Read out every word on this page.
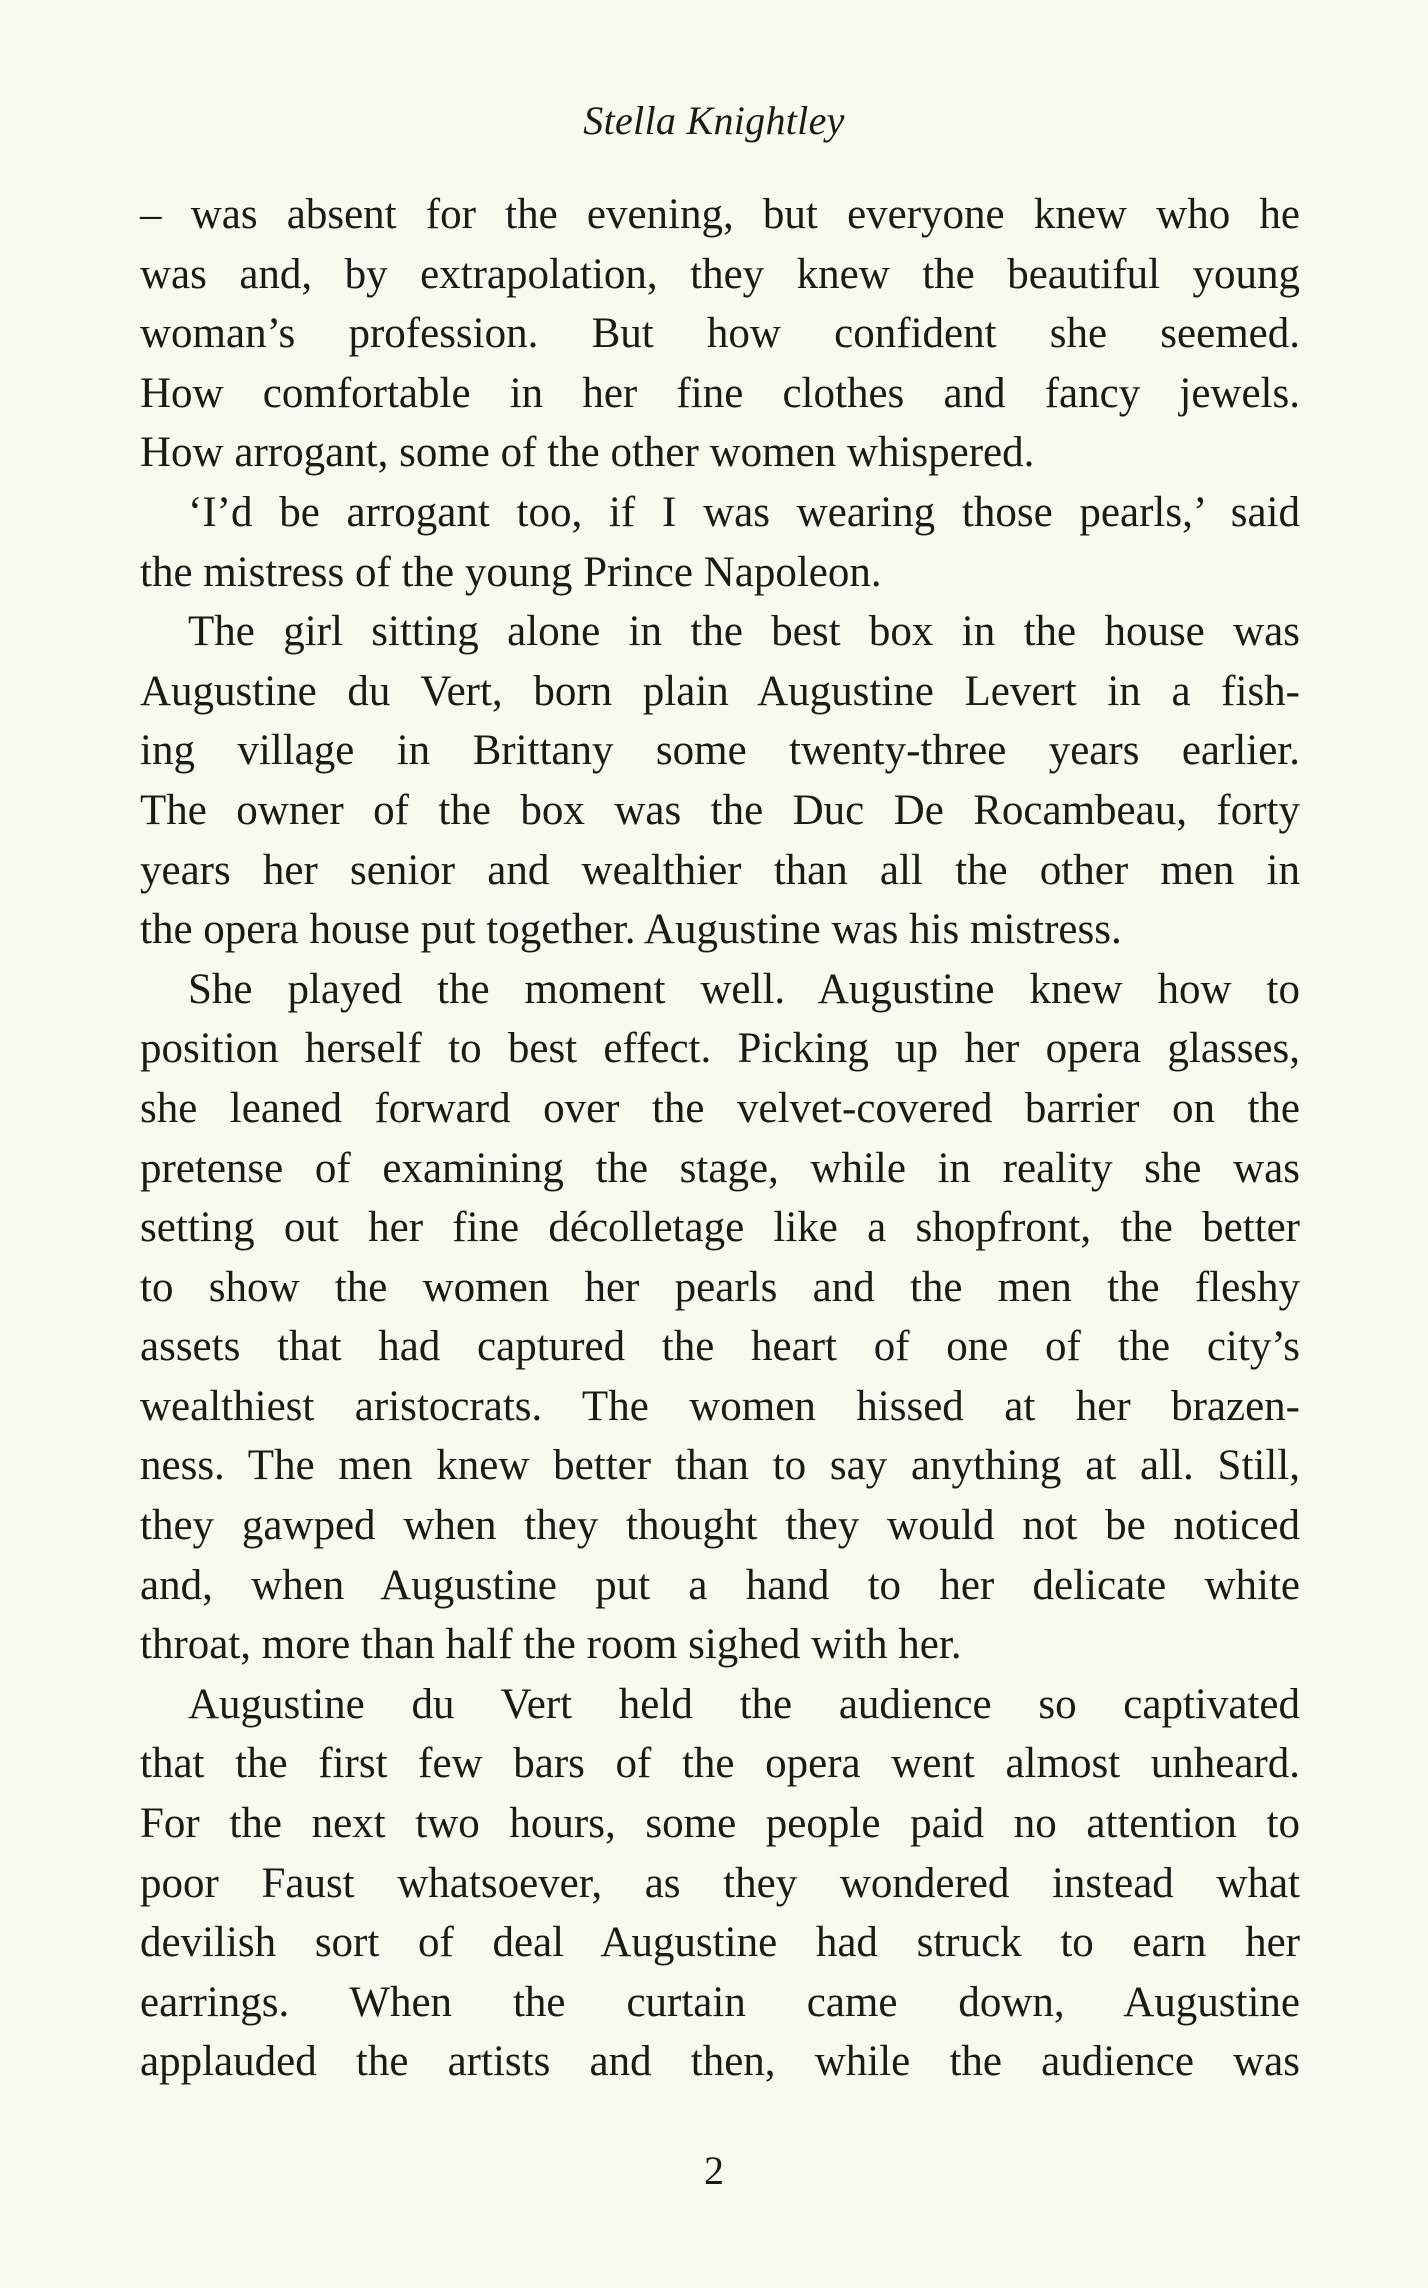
Stella Knightley
– was absent for the evening, but everyone knew who he
was and, by extrapolation, they knew the beautiful young
woman’s profession. But how confident she seemed.
How comfortable in her fine clothes and fancy jewels.
How arrogant, some of the other women whispered.
‘I’d be arrogant too, if I was wearing those pearls,’ said
the mistress of the young Prince Napoleon.
The girl sitting alone in the best box in the house was
Augustine du Vert, born plain Augustine Levert in a fish-
ing village in Brittany some twenty-three years earlier.
The owner of the box was the Duc De Rocambeau, forty
years her senior and wealthier than all the other men in
the opera house put together. Augustine was his mistress.
She played the moment well. Augustine knew how to
position herself to best effect. Picking up her opera glasses,
she leaned forward over the velvet-covered barrier on the
pretense of examining the stage, while in reality she was
setting out her fine décolletage like a shopfront, the better
to show the women her pearls and the men the fleshy
assets that had captured the heart of one of the city’s
wealthiest aristocrats. The women hissed at her brazen-
ness. The men knew better than to say anything at all. Still,
they gawped when they thought they would not be noticed
and, when Augustine put a hand to her delicate white
throat, more than half the room sighed with her.
Augustine du Vert held the audience so captivated
that the first few bars of the opera went almost unheard.
For the next two hours, some people paid no attention to
poor Faust whatsoever, as they wondered instead what
devilish sort of deal Augustine had struck to earn her
earrings. When the curtain came down, Augustine
applauded the artists and then, while the audience was
2
